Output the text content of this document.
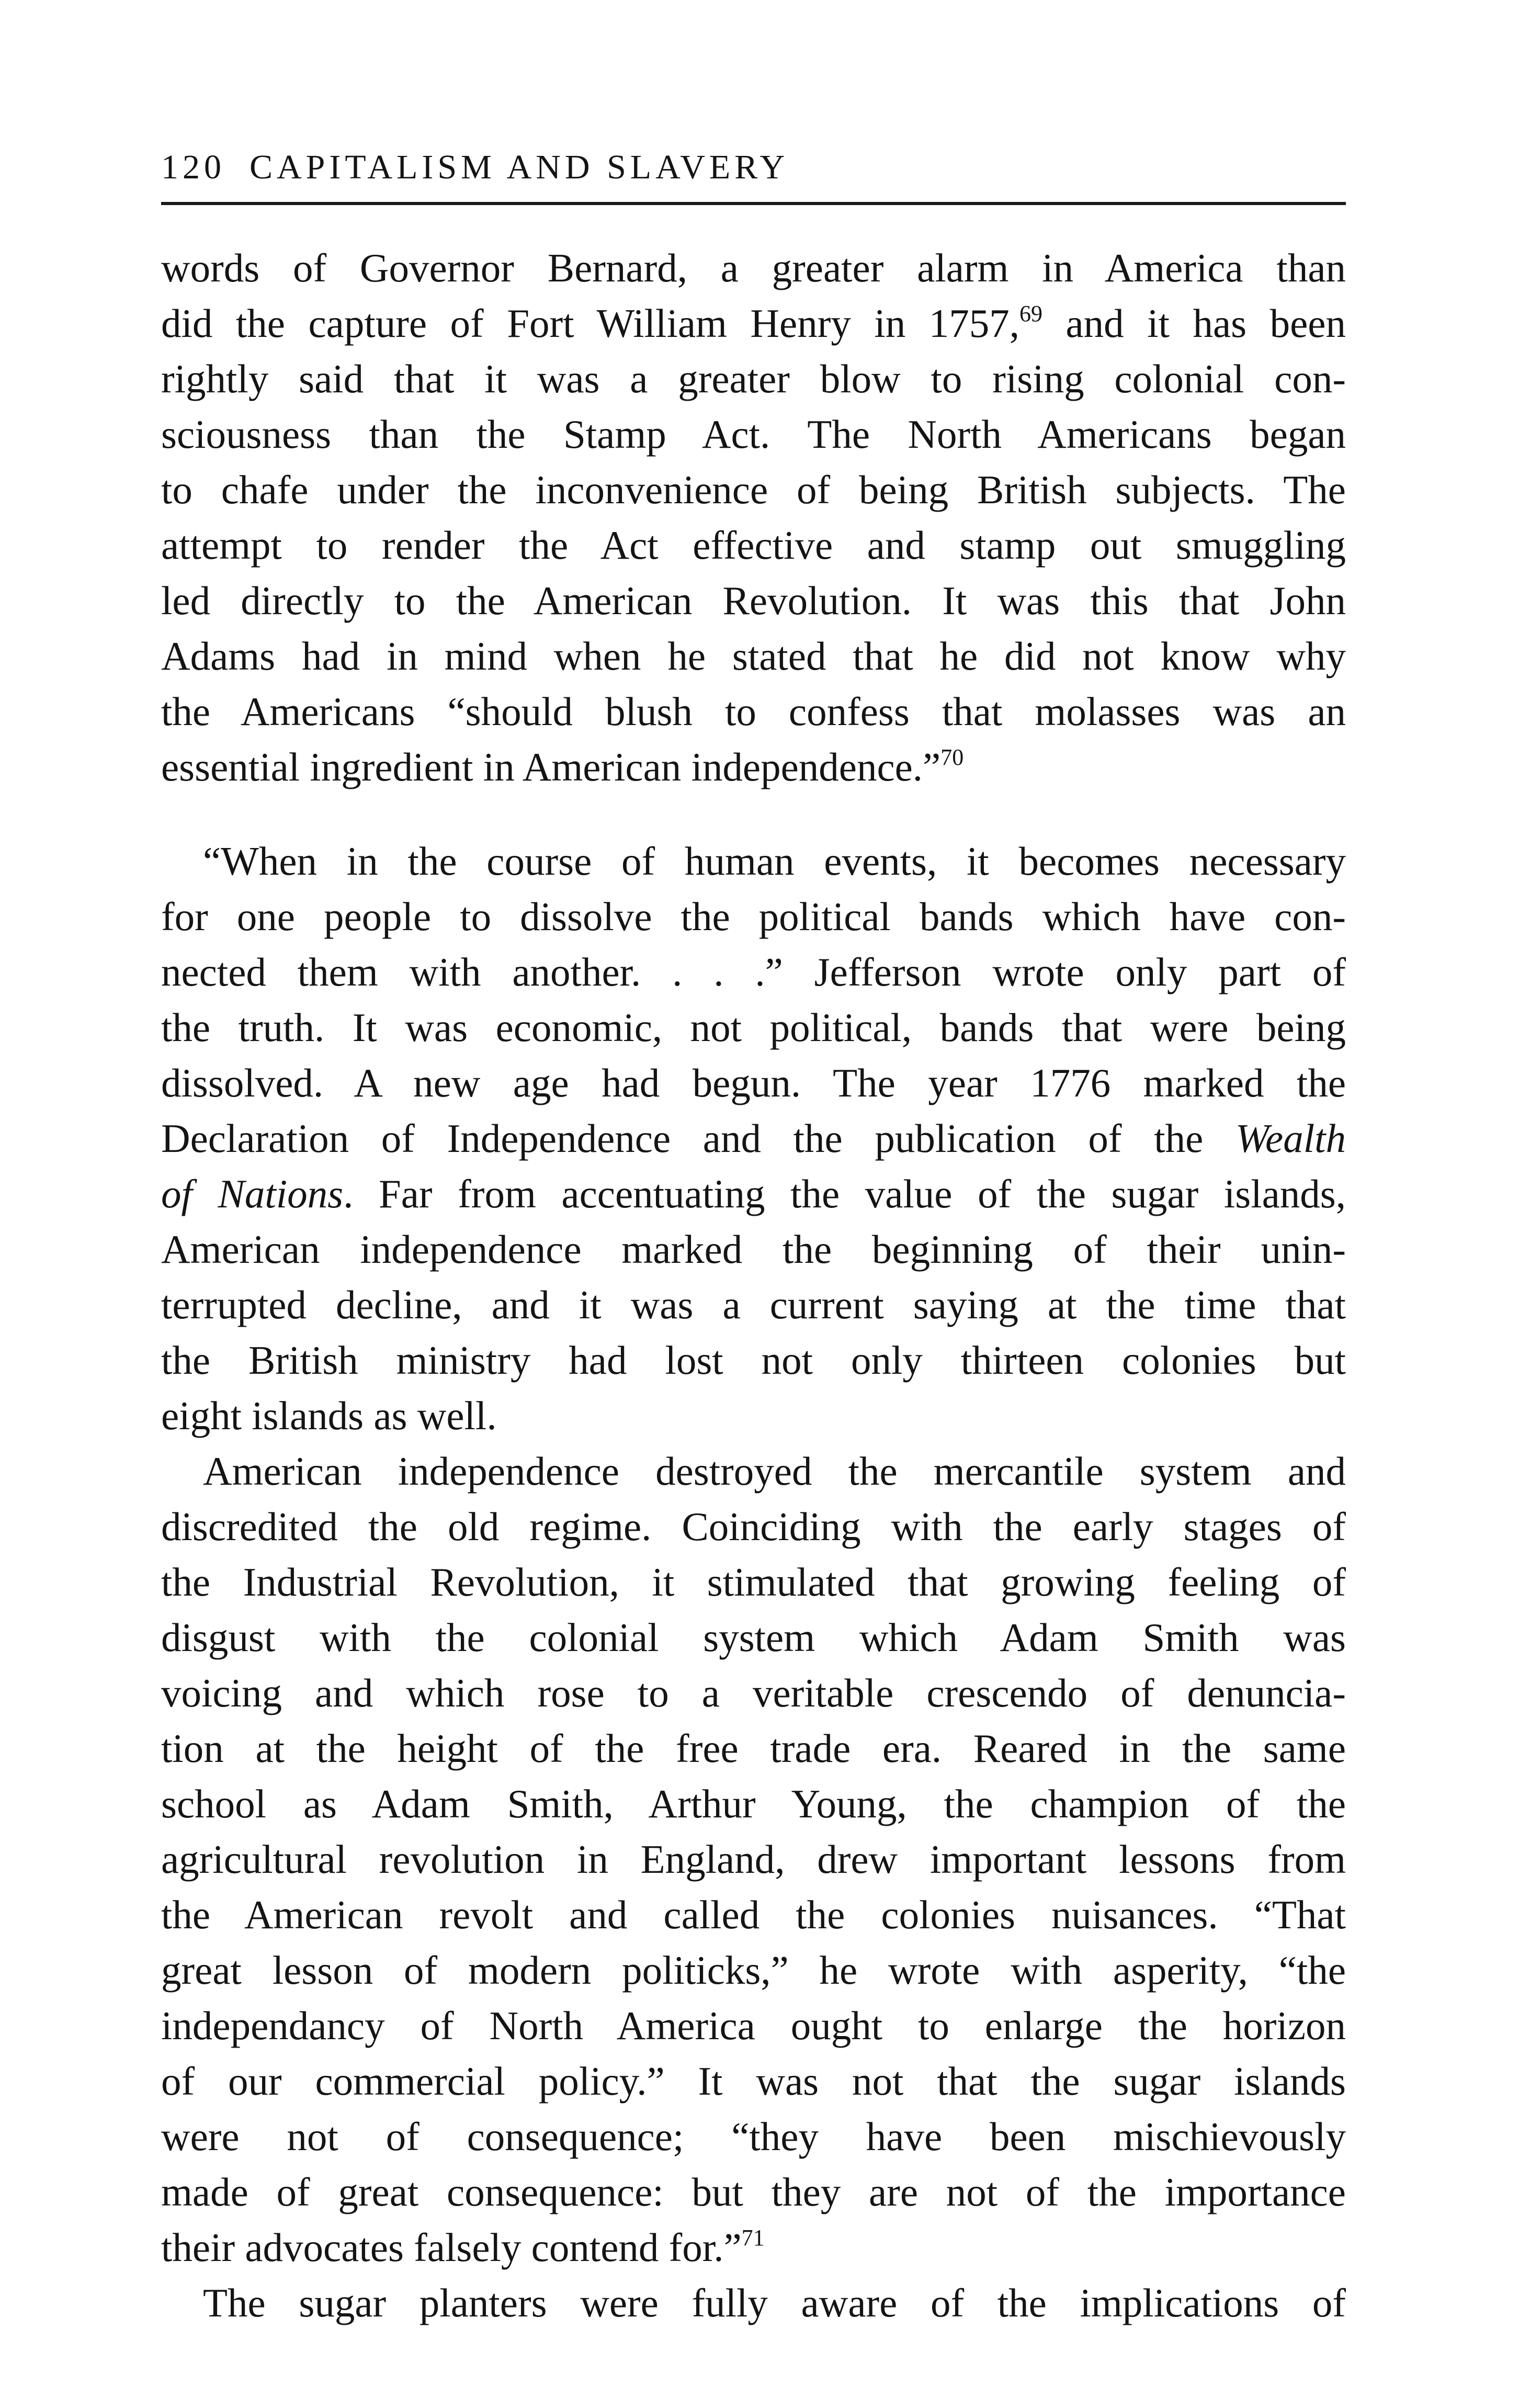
120 CAPITALISM AND SLAVERY
words of Governor Bernard, a greater alarm in America than
did the capture of Fort William Henry in 1757,69 and it has been
rightly said that it was a greater blow to rising colonial con-
sciousness than the Stamp Act. The North Americans began
to chafe under the inconvenience of being British subjects. The
attempt to render the Act effective and stamp out smuggling
led directly to the American Revolution. It was this that John
Adams had in mind when he stated that he did not know why
the Americans “should blush to confess that molasses was an
essential ingredient in American independence.”$^{70}$
“When in the course of human events, it becomes necessary
for one people to dissolve the political bands which have con-
nected them with another. . . .” Jefferson wrote only part of
the truth. It was economic, not political, bands that were being
dissolved. A new age had begun. The year 1776 marked the
Declaration of Independence and the publication of the Wealth
of Nations. Far from accentuating the value of the sugar islands,
American independence marked the beginning of their unin-
terrupted decline, and it was a current saying at the time that
the British ministry had lost not only thirteen colonies but
eight islands as well.
American independence destroyed the mercantile system and
discredited the old regime. Coinciding with the early stages of
the Industrial Revolution, it stimulated that growing feeling of
disgust with the colonial system which Adam Smith was
voicing and which rose to a veritable crescendo of denuncia-
tion at the height of the free trade era. Reared in the same
school as Adam Smith, Arthur Young, the champion of the
agricultural revolution in England, drew important lessons from
the American revolt and called the colonies nuisances. “That
great lesson of modern politicks,” he wrote with asperity, “the
independancy of North America ought to enlarge the horizon
of our commercial policy.” It was not that the sugar islands
were not of consequence; “they have been mischievously
made of great consequence: but they are not of the importance
their advocates falsely contend for.”$^{71}$
The sugar planters were fully aware of the implications of
